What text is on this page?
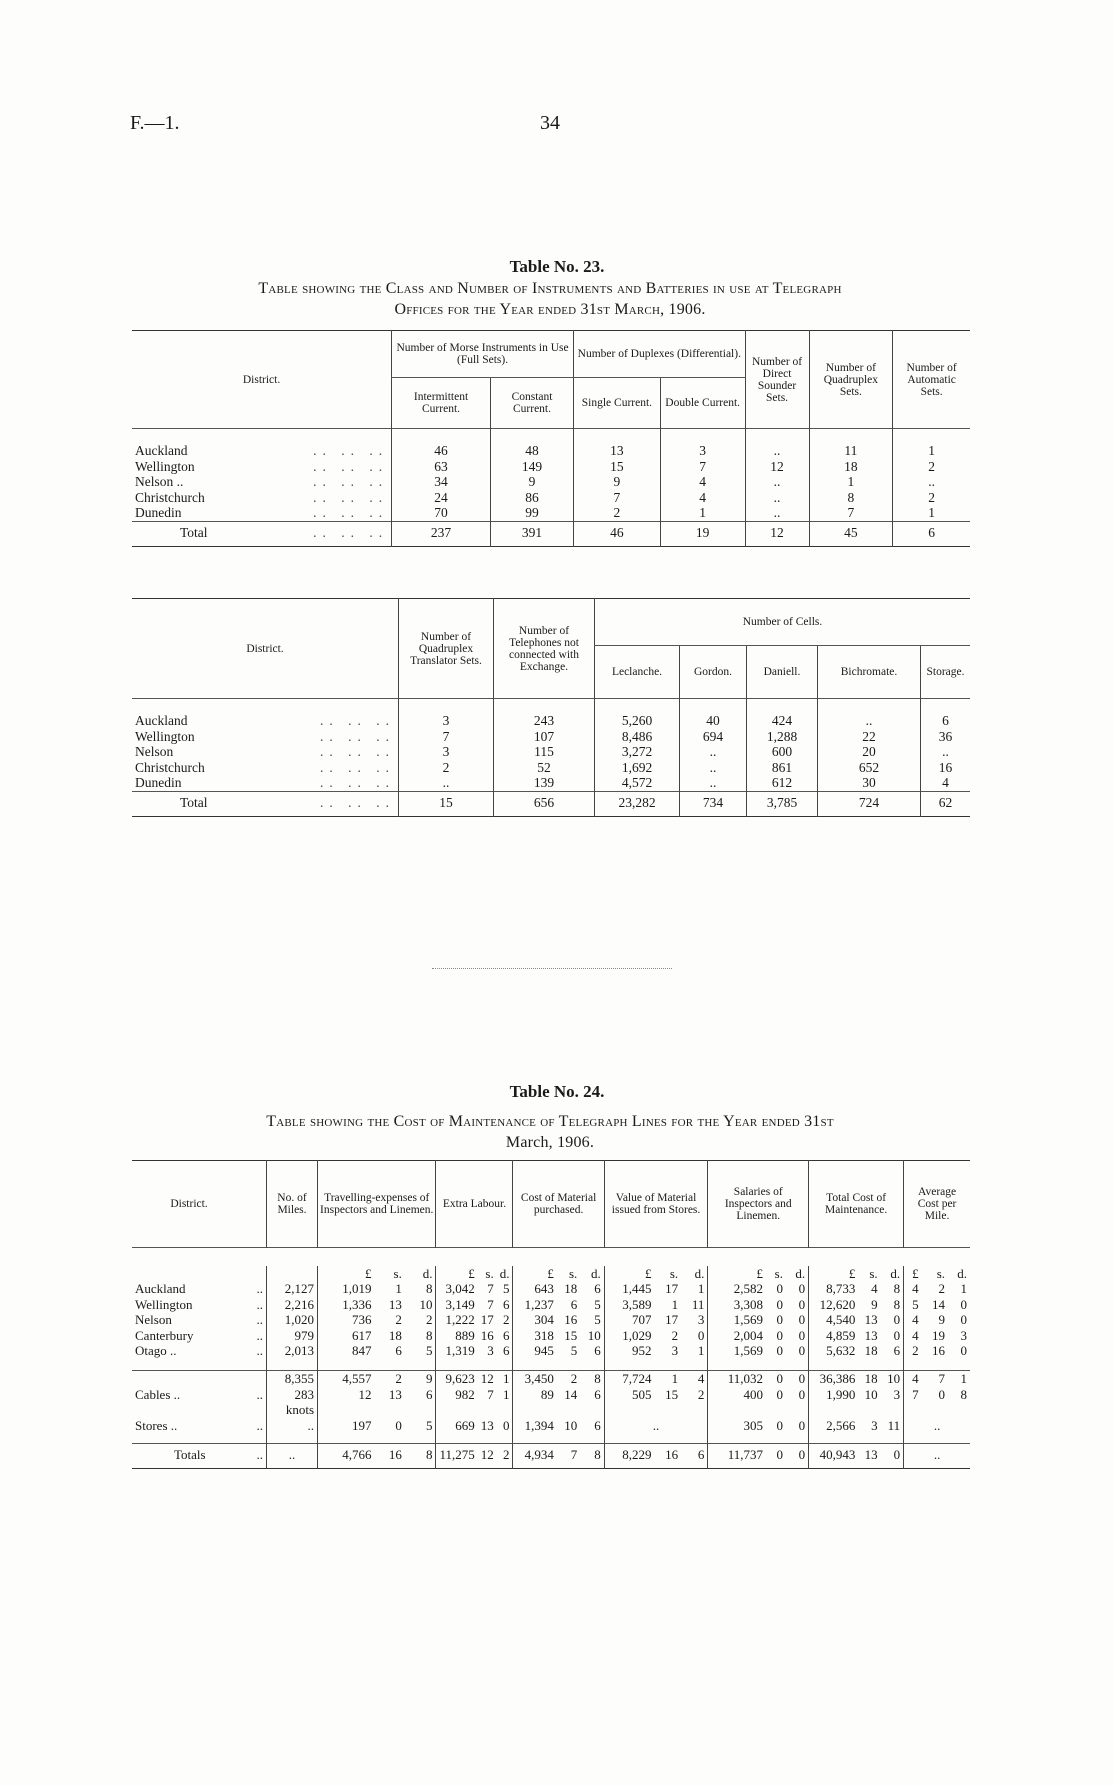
F.—1.	34
Table No. 23.
Table showing the Class and Number of Instruments and Batteries in use at Telegraph
Offices for the Year ended 31st March, 1906.
District.	Number of Morse Instruments in Use (Full Sets).		Number of Duplexes (Differential).		Number of Direct Sounder Sets.	Number of Quadruplex Sets.	Number of Automatic Sets.
	Intermittent Current.	Constant Current.	Single Current.	Double Current.			

Auckland .. .. ..	46	48	13	3	..	11	1
Wellington .. .. ..	63	149	15	7	12	18	2
Nelson .. .. .. ..	34	9	9	4	..	1	..
Christchurch .. .. ..	24	86	7	4	..	8	2
Dunedin .. .. ..	70	99	2	1	..	7	1
Total .. .. ..	237	391	46	19	12	45	6
District.	Number of Quadruplex Translator Sets.	Number of Telephones not connected with Exchange.	Number of Cells.				
			Leclanche.	Gordon.	Daniell.	Bichromate.	Storage.

Auckland .. .. ..	3	243	5,260	40	424	..	6
Wellington .. .. ..	7	107	8,486	694	1,288	22	36
Nelson .. .. ..	3	115	3,272	..	600	20	..
Christchurch .. .. ..	2	52	1,692	..	861	652	16
Dunedin .. .. ..	..	139	4,572	..	612	30	4
Total .. .. ..	15	656	23,282	734	3,785	724	62
Table No. 24.
Table showing the Cost of Maintenance of Telegraph Lines for the Year ended 31st
March, 1906.
District.		No. of Miles.	Travelling-expenses of Inspectors and Linemen.			Extra Labour.			Cost of Material purchased.			Value of Material issued from Stores.			Salaries of Inspectors and Linemen.			Total Cost of Maintenance.			Average Cost per Mile.		

			£	s.	d.	£	s.	d.	£	s.	d.	£	s.	d.	£	s.	d.	£	s.	d.	£	s.	d.
Auckland	..	2,127	1,019	1	8	3,042	7	5	643	18	6	1,445	17	1	2,582	0	0	8,733	4	8	4	2	1
Wellington	..	2,216	1,336	13	10	3,149	7	6	1,237	6	5	3,589	1	11	3,308	0	0	12,620	9	8	5	14	0
Nelson	..	1,020	736	2	2	1,222	17	2	304	16	5	707	17	3	1,569	0	0	4,540	13	0	4	9	0
Canterbury	..	979	617	18	8	889	16	6	318	15	10	1,029	2	0	2,004	0	0	4,859	13	0	4	19	3
Otago ..	..	2,013	847	6	5	1,319	3	6	945	5	6	952	3	1	1,569	0	0	5,632	18	6	2	16	0

		8,355	4,557	2	9	9,623	12	1	3,450	2	8	7,724	1	4	11,032	0	0	36,386	18	10	4	7	1
Cables ..	..	283	12	13	6	982	7	1	89	14	6	505	15	2	400	0	0	1,990	10	3	7	0	8
		knots																					
Stores ..	..	..	197	0	5	669	13	0	1,394	10	6	..			305	0	0	2,566	3	11	..		

Totals	..	..	4,766	16	8	11,275	12	2	4,934	7	8	8,229	16	6	11,737	0	0	40,943	13	0	..		
